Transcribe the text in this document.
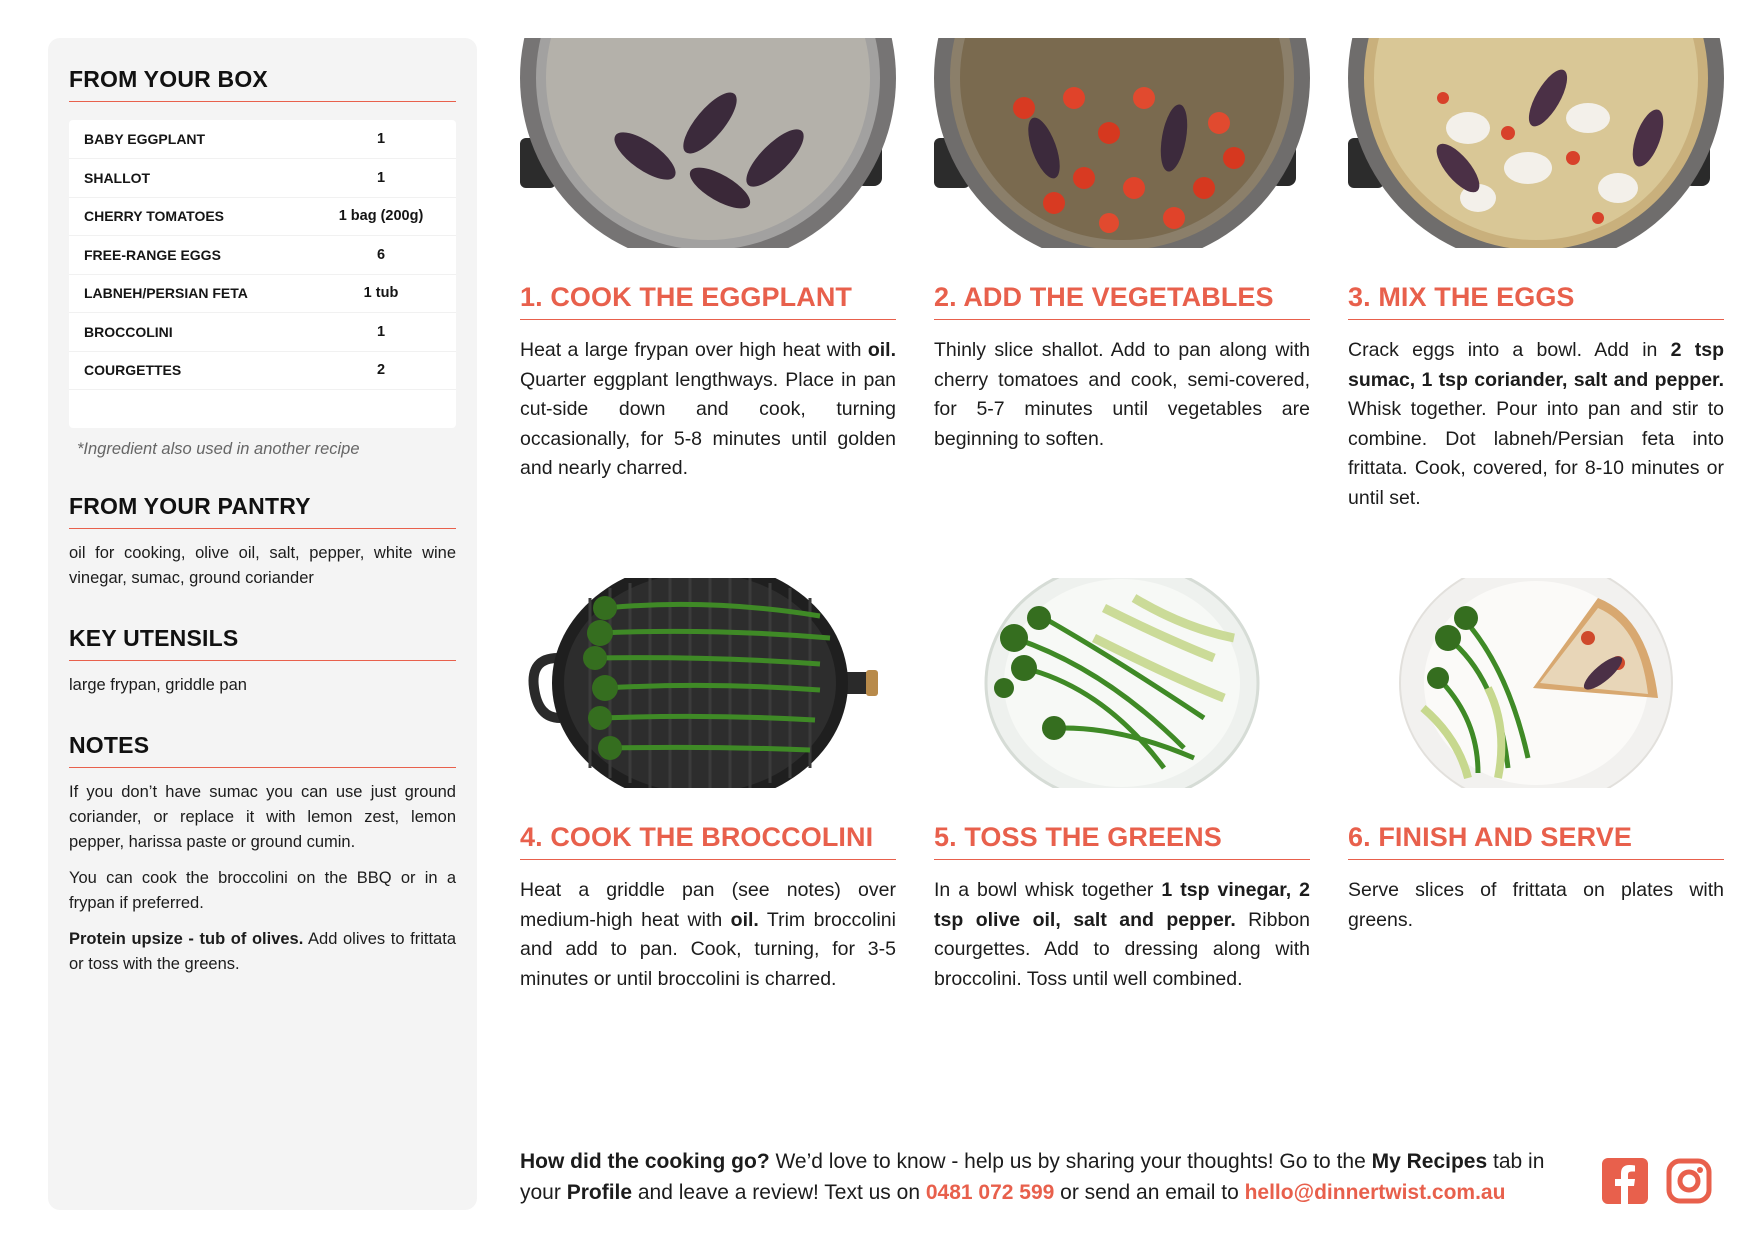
FROM YOUR BOX
BABY EGGPLANT	1
SHALLOT	1
CHERRY TOMATOES	1 bag (200g)
FREE-RANGE EGGS	6
LABNEH/PERSIAN FETA	1 tub
BROCCOLINI	1
COURGETTES	2

*Ingredient also used in another recipe
FROM YOUR PANTRY
oil for cooking, olive oil, salt, pepper, white wine vinegar, sumac, ground coriander
KEY UTENSILS
large frypan, griddle pan
NOTES

If you don’t have sumac you can use just ground coriander, or replace it with lemon zest, lemon pepper, harissa paste or ground cumin.

You can cook the broccolini on the BBQ or in a frypan if preferred.

Protein upsize - tub of olives. Add olives to frittata or toss with the greens.

1. COOK THE EGGPLANT
Heat a large frypan over high heat with oil. Quarter eggplant lengthways. Place in pan cut-side down and cook, turning occasionally, for 5-8 minutes until golden and nearly charred.
2. ADD THE VEGETABLES
Thinly slice shallot. Add to pan along with cherry tomatoes and cook, semi-covered, for 5-7 minutes until vegetables are beginning to soften.
3. MIX THE EGGS
Crack eggs into a bowl. Add in 2 tsp sumac, 1 tsp coriander, salt and pepper. Whisk together. Pour into pan and stir to combine. Dot labneh/Persian feta into frittata. Cook, covered, for 8-10 minutes or until set.
4. COOK THE BROCCOLINI
Heat a griddle pan (see notes) over medium-high heat with oil. Trim broccolini and add to pan. Cook, turning, for 3-5 minutes or until broccolini is charred.
5. TOSS THE GREENS
In a bowl whisk together 1 tsp vinegar, 2 tsp olive oil, salt and pepper. Ribbon courgettes. Add to dressing along with broccolini. Toss until well combined.
6. FINISH AND SERVE
Serve slices of frittata on plates with greens.
How did the cooking go? We’d love to know - help us by sharing your thoughts! Go to the My Recipes tab in your Profile and leave a review! Text us on 0481 072 599 or send an email to hello@dinnertwist.com.au
